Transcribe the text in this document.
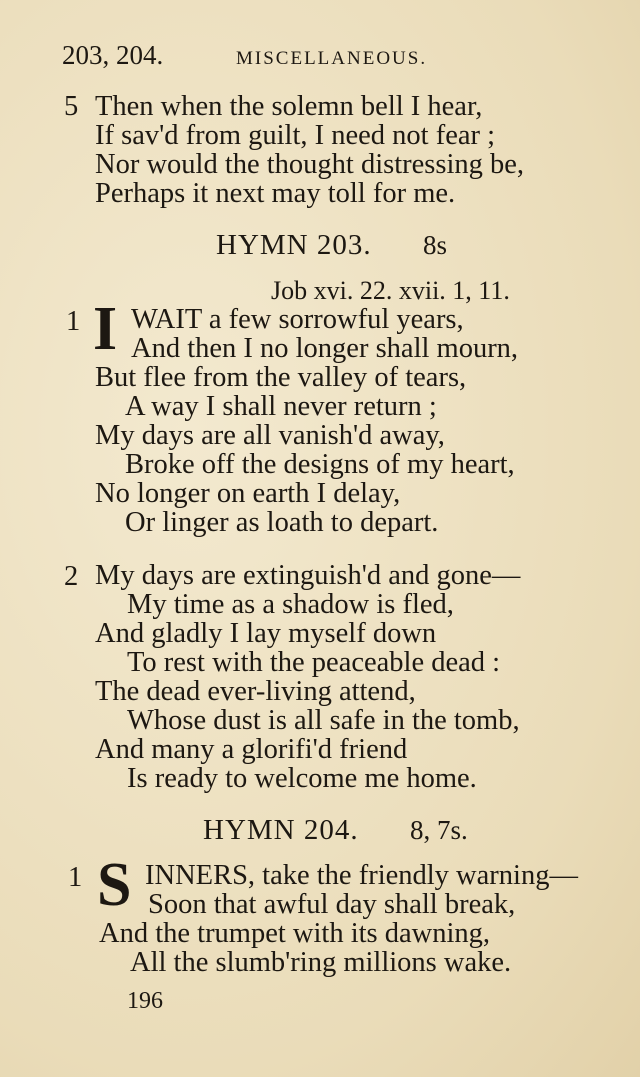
203, 204.	MISCELLANEOUS.
5 Then when the solemn bell I hear,
If sav'd from guilt, I need not fear ;
Nor would the thought distressing be,
Perhaps it next may toll for me.
HYMN 203. 8s
Job xvi. 22. xvii. 1, 11.
1 I WAIT a few sorrowful years,
And then I no longer shall mourn,
But flee from the valley of tears,
A way I shall never return ;
My days are all vanish'd away,
Broke off the designs of my heart,
No longer on earth I delay,
Or linger as loath to depart.
2 My days are extinguish'd and gone—
My time as a shadow is fled,
And gladly I lay myself down
To rest with the peaceable dead :
The dead ever-living attend,
Whose dust is all safe in the tomb,
And many a glorifi'd friend
Is ready to welcome me home.
HYMN 204. 8, 7s.
1 S INNERS, take the friendly warning—
Soon that awful day shall break,
And the trumpet with its dawning,
All the slumb'ring millions wake.
196
